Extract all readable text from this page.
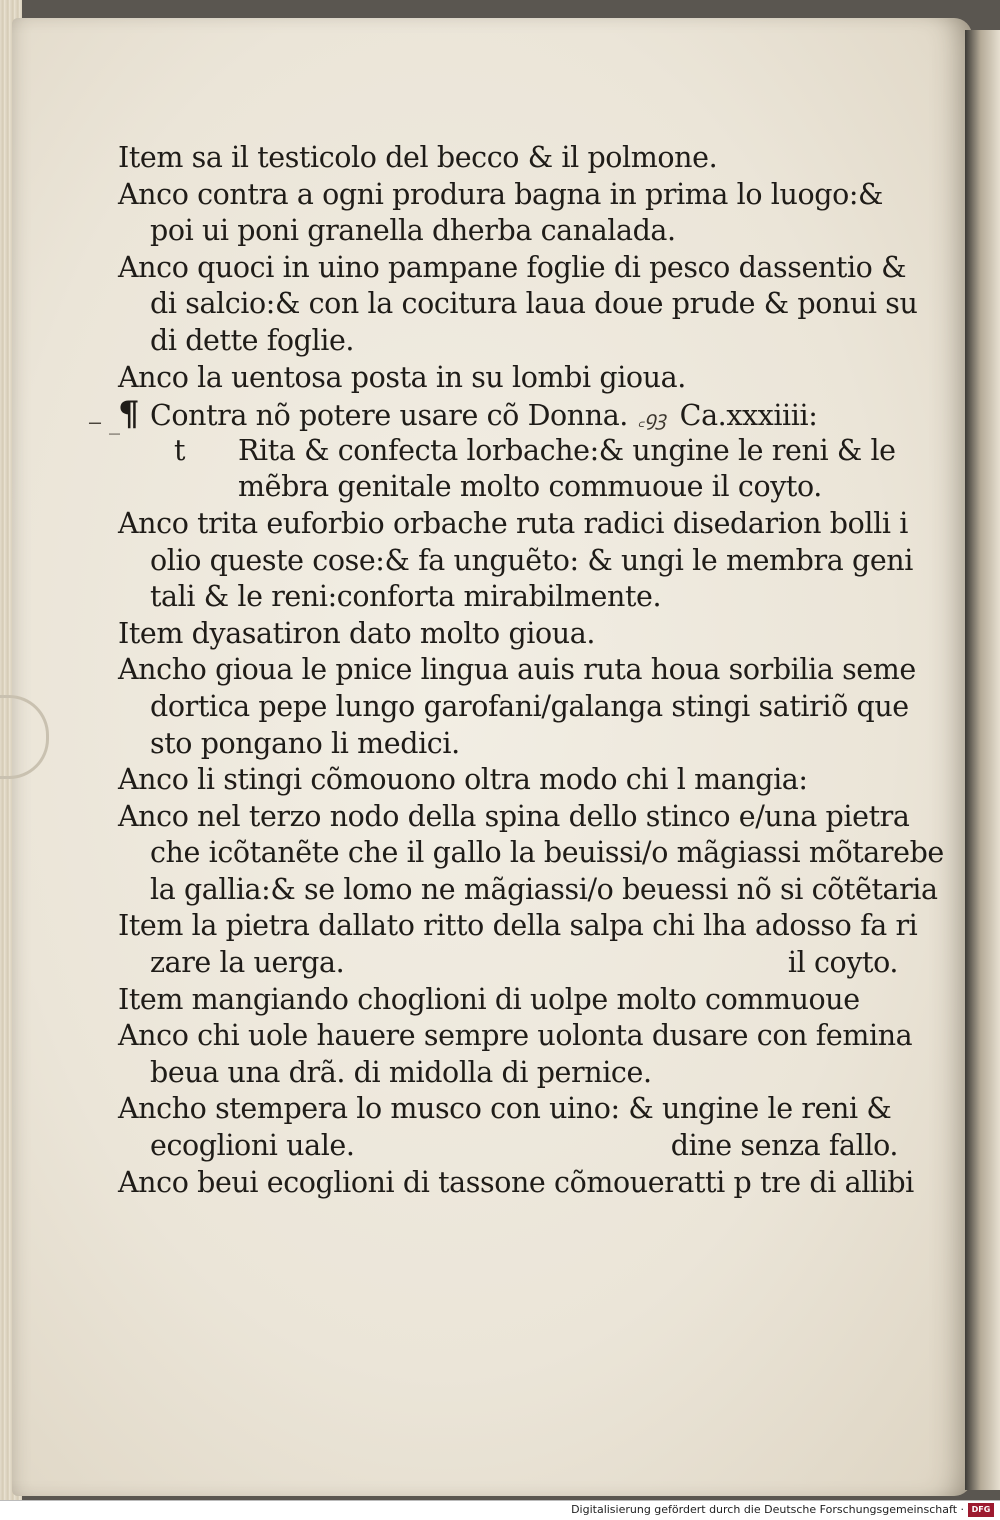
‒ _
Item sa il testicolo del becco & il polmone.
Anco contra a ogni produra bagna in prima lo luogo:&
poi ui poni granella dherba canalada.
Anco quoci in uino pampane foglie di pesco dassentio &
di salcio:& con la cocitura laua doue prude & ponui su
di dette foglie.
Anco la uentosa posta in su lombi gioua.
¶ Contra nõ potere usare cõ Donna. ꜀ꝯꝫ Ca.xxxiiii:
t Rita & confecta lorbache:& ungine le reni & le
mẽbra genitale molto commuoue il coyto.
Anco trita euforbio orbache ruta radici disedarion bolli i
olio queste cose:& fa unguẽto: & ungi le membra geni
tali & le reni:conforta mirabilmente.
Item dyasatiron dato molto gioua.
Ancho gioua le pnice lingua auis ruta houa sorbilia seme
dortica pepe lungo garofani/galanga stingi satiriõ que
sto pongano li medici.
Anco li stingi cõmouono oltra modo chi l mangia:
Anco nel terzo nodo della spina dello stinco e/una pietra
che icõtanẽte che il gallo la beuissi/o mãgiassi mõtarebe
la gallia:& se lomo ne mãgiassi/o beuessi nõ si cõtẽtaria
Item la pietra dallato ritto della salpa chi lha adosso fa ri
zare la uerga.	il coyto.
Item mangiando choglioni di uolpe molto commuoue
Anco chi uole hauere sempre uolonta dusare con femina
beua una drã. di midolla di pernice.
Ancho stempera lo musco con uino: & ungine le reni &
ecoglioni uale.	dine senza fallo.
Anco beui ecoglioni di tassone cõmoueratti p tre di allibi
Digitalisierung gefördert durch die Deutsche Forschungsgemeinschaft · DFG
